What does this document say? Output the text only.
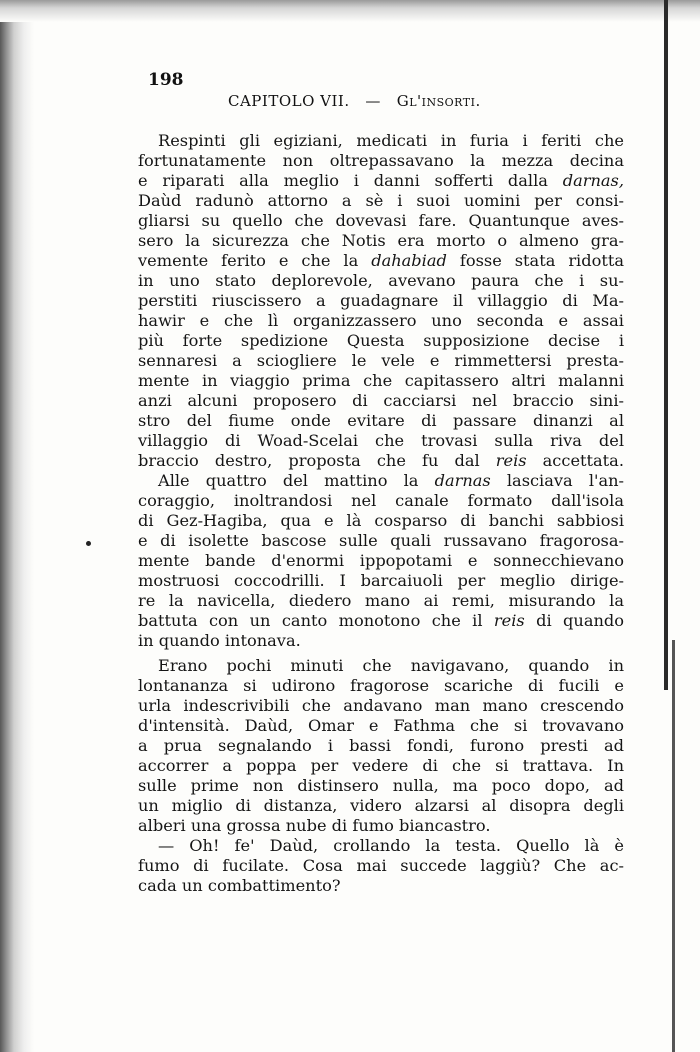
198
CAPITOLO VII. — Gl'insorti.
Respinti gli egiziani, medicati in furia i feriti che
fortunatamente non oltrepassavano la mezza decina
e riparati alla meglio i danni sofferti dalla darnas,
Daùd radunò attorno a sè i suoi uomini per consi-
gliarsi su quello che dovevasi fare. Quantunque aves-
sero la sicurezza che Notis era morto o almeno gra-
vemente ferito e che la dahabiad fosse stata ridotta
in uno stato deplorevole, avevano paura che i su-
perstiti riuscissero a guadagnare il villaggio di Ma-
hawir e che lì organizzassero uno seconda e assai
più forte spedizione Questa supposizione decise i
sennaresi a sciogliere le vele e rimmettersi presta-
mente in viaggio prima che capitassero altri malanni
anzi alcuni proposero di cacciarsi nel braccio sini-
stro del fiume onde evitare di passare dinanzi al
villaggio di Woad-Scelai che trovasi sulla riva del
braccio destro, proposta che fu dal reis accettata.
Alle quattro del mattino la darnas lasciava l'an-
coraggio, inoltrandosi nel canale formato dall'isola
di Gez-Hagiba, qua e là cosparso di banchi sabbiosi
e di isolette bascose sulle quali russavano fragorosa-
mente bande d'enormi ippopotami e sonnecchievano
mostruosi coccodrilli. I barcaiuoli per meglio dirige-
re la navicella, diedero mano ai remi, misurando la
battuta con un canto monotono che il reis di quando
in quando intonava.
Erano pochi minuti che navigavano, quando in
lontananza si udirono fragorose scariche di fucili e
urla indescrivibili che andavano man mano crescendo
d'intensità. Daùd, Omar e Fathma che si trovavano
a prua segnalando i bassi fondi, furono presti ad
accorrer a poppa per vedere di che si trattava. In
sulle prime non distinsero nulla, ma poco dopo, ad
un miglio di distanza, videro alzarsi al disopra degli
alberi una grossa nube di fumo biancastro.
— Oh! fe' Daùd, crollando la testa. Quello là è
fumo di fucilate. Cosa mai succede laggiù? Che ac-
cada un combattimento?
